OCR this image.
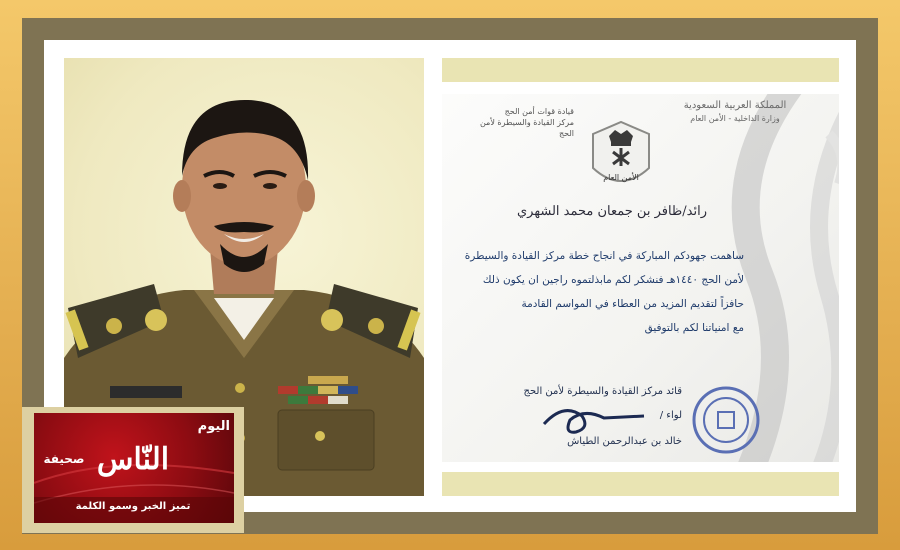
قيادة قوات أمن الحج
مركز القيادة والسيطرة لأمن الحج
المملكة العربية السعودية
وزارة الداخلية - الأمن العام
الأمن العام
رائد/ظافر بن جمعان محمد الشهري
ساهمت جهودكم المباركة في انجاح خطة مركز القيادة والسيطرة
لأمن الحج ١٤٤٠هـ فنشكر لكم مابذلتموه راجين ان يكون ذلك
حافزاً لتقديم المزيد من العطاء في المواسم القادمة
مع امنياتنا لكم بالتوفيق
قائد مركز القيادة والسيطرة لأمن الحج
لواء /
خالد بن عبدالرحمن الطياش
اليوم
النّاس
صحيفة
تميز الخبر وسمو الكلمة
